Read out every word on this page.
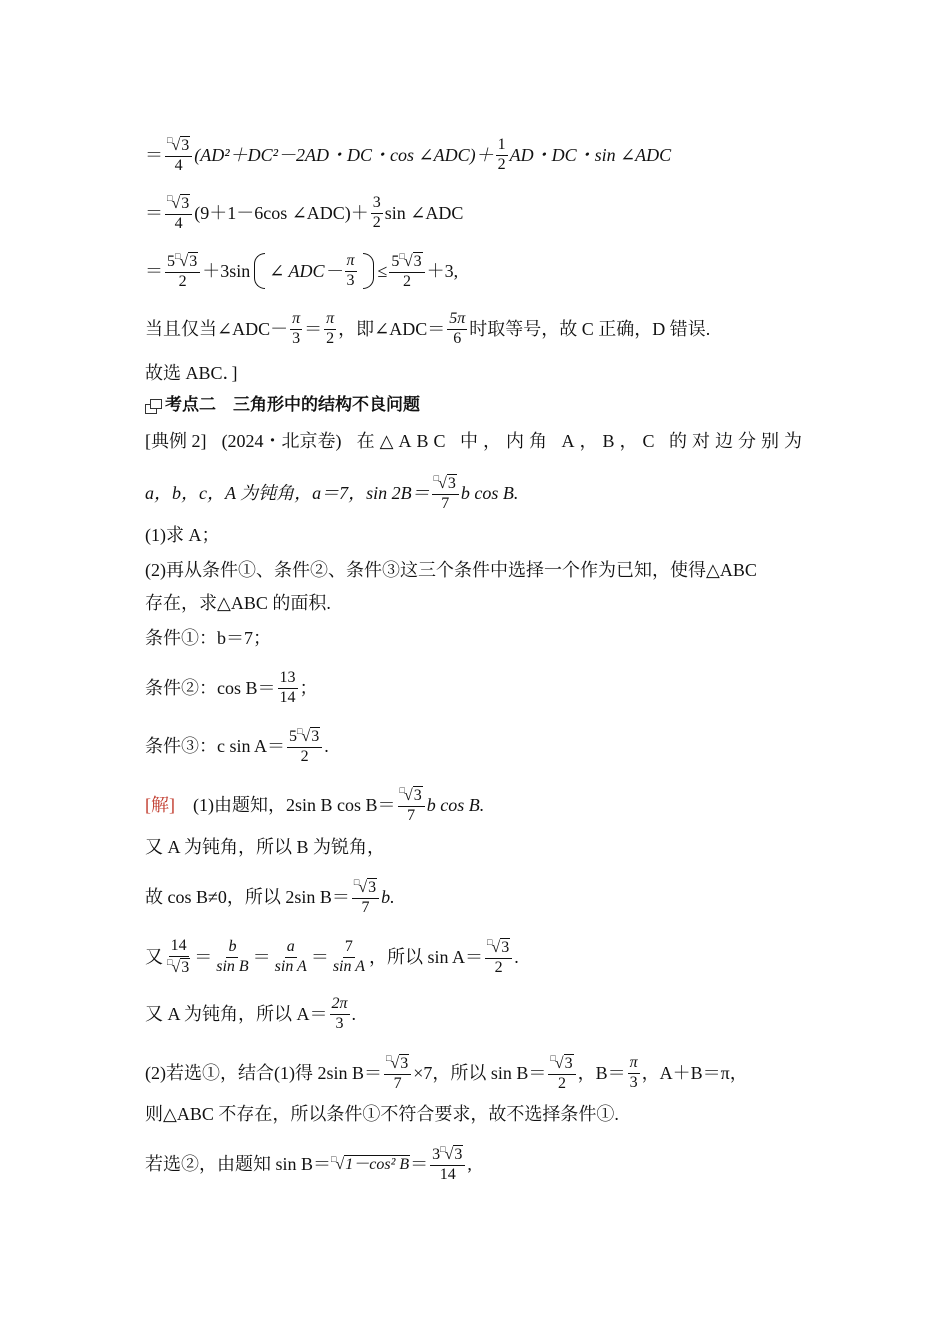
＝ $\frac{^□√3}{4} (AD^2+DC^2-2AD$・DC・cos ∠ADC)＋ $\frac{1}{2}$ AD・DC・sin ∠ADC
＝ $\frac{^□√3}{4} (9+1-6\cos$ ∠ADC)＋ $\frac{3}{2}$ sin ∠ADC
＝ $\frac{5^□√3}{2} +3\sin$ ∠ $ADC- \frac{\pi}{3} \le \frac{5^□√3}{2} +3$,
当且仅当∠ADC－ $\frac{\pi}{3} = \frac{\pi}{2}$ ，即∠ADC＝ $\frac{5\pi}{6}$ 时取等号，故 C 正确，D 错误.
故选 ABC．]
考点二　三角形中的结构不良问题
[典例 2] (2024・北京卷) 在△ABC 中，内角 A，B，C 的对边分别为
a，b，c，A 为钝角，a＝7，$\sin 2B= \frac{^□√3}{7}$ b cos B.
(1)求 A；
(2)再从条件①、条件②、条件③这三个条件中选择一个作为已知，使得△ABC
存在，求△ABC 的面积.
条件①：b＝7；
条件②：$\cos B= \frac{13}{14}$ ；
条件③：c $\sin A= \frac{5^□√3}{2}$ .
[解] (1)由题知，2sin B $\cos B= \frac{^□√3}{7}$ b cos B.
又 A 为钝角，所以 B 为锐角，
故 cos B≠0，所以 2sin $B= \frac{^□√3}{7} b$.
又 $\frac{14}{^□√3} = \frac{b}{\text{sin B}} = \frac{a}{\text{sin A}} = \frac{7}{\text{sin A}}$ ，所以 $\sin A= \frac{^□√3}{2}$ .
又 A 为钝角，所以 $A= \frac{2\pi}{3}$ .
(2)若选①，结合(1)得 2sin $B= \frac{^□√3}{7} \times 7$，所以 $\sin B= \frac{^□√3}{2}$ ，$B= \frac{\pi}{3}$ ，A＋B＝π，
则△ABC 不存在，所以条件①不符合要求，故不选择条件①.
若选②，由题知 sin B＝ □√1－cos² $B = \frac{3^□√3}{14}$ ,
